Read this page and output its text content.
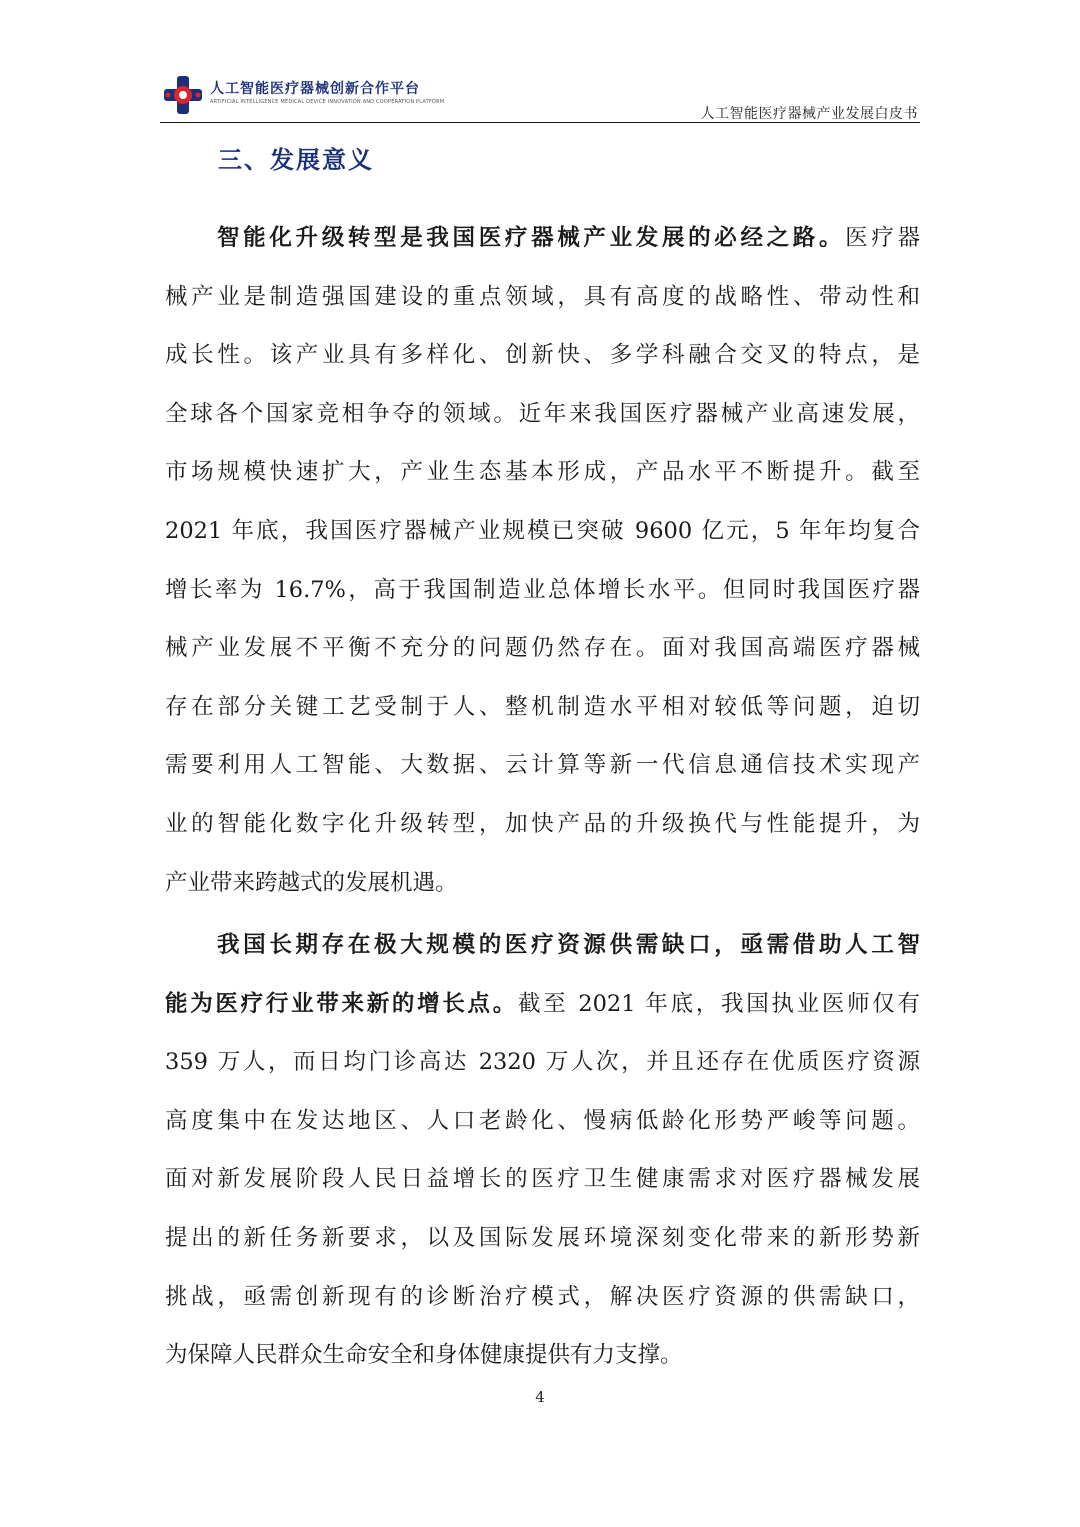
人工智能医疗器械创新合作平台
ARTIFICIAL INTELLIGENCE MEDICAL DEVICE INNOVATION AND COOPERATION PLATFORM
人工智能医疗器械产业发展白皮书
三、发展意义
智能化升级转型是我国医疗器械产业发展的必经之路。医疗器
械产业是制造强国建设的重点领域，具有高度的战略性、带动性和
成长性。该产业具有多样化、创新快、多学科融合交叉的特点，是
全球各个国家竞相争夺的领域。近年来我国医疗器械产业高速发展，
市场规模快速扩大，产业生态基本形成，产品水平不断提升。截至
2021 年底，我国医疗器械产业规模已突破 9600 亿元，5 年年均复合
增长率为 16.7%，高于我国制造业总体增长水平。但同时我国医疗器
械产业发展不平衡不充分的问题仍然存在。面对我国高端医疗器械
存在部分关键工艺受制于人、整机制造水平相对较低等问题，迫切
需要利用人工智能、大数据、云计算等新一代信息通信技术实现产
业的智能化数字化升级转型，加快产品的升级换代与性能提升，为
产业带来跨越式的发展机遇。
我国长期存在极大规模的医疗资源供需缺口，亟需借助人工智
能为医疗行业带来新的增长点。截至 2021 年底，我国执业医师仅有
359 万人，而日均门诊高达 2320 万人次，并且还存在优质医疗资源
高度集中在发达地区、人口老龄化、慢病低龄化形势严峻等问题。
面对新发展阶段人民日益增长的医疗卫生健康需求对医疗器械发展
提出的新任务新要求，以及国际发展环境深刻变化带来的新形势新
挑战，亟需创新现有的诊断治疗模式，解决医疗资源的供需缺口，
为保障人民群众生命安全和身体健康提供有力支撑。
4
